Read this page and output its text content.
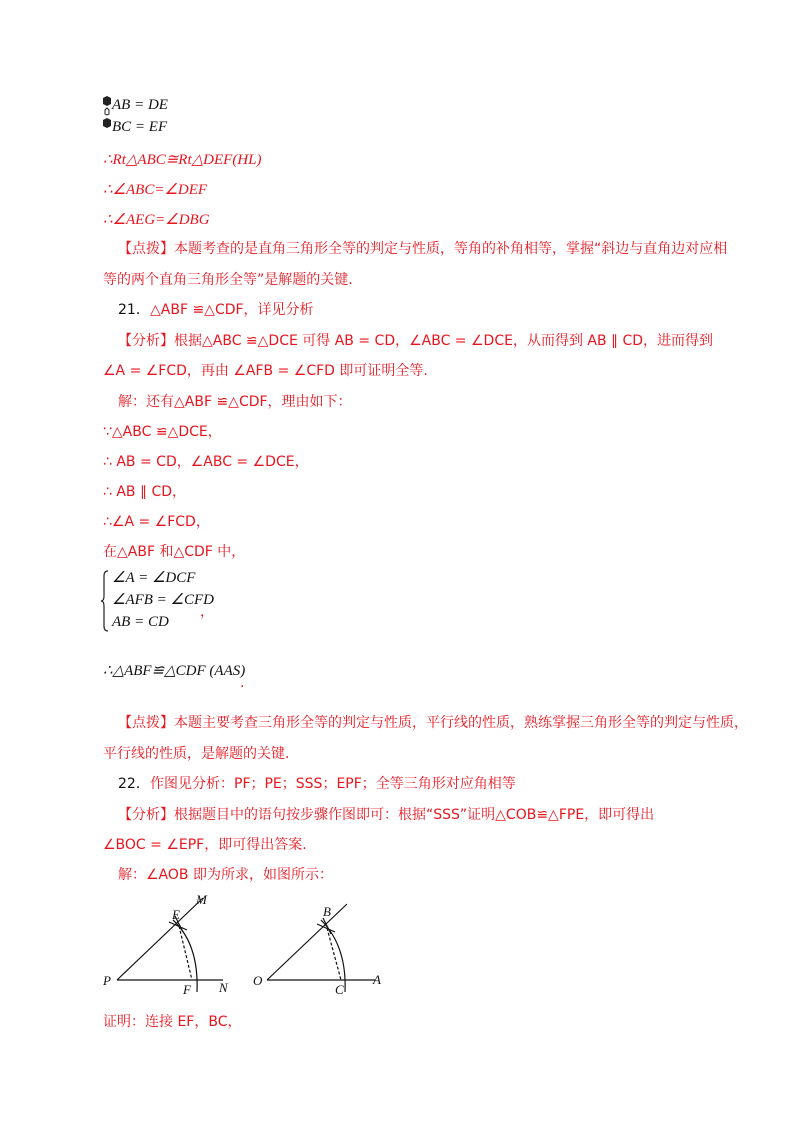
AB = DE
BC = EF
∴Rt△ABC≅Rt△DEF(HL)
∴∠ABC=∠DEF
∴∠AEG=∠DBG
【点拨】本题考查的是直角三角形全等的判定与性质，等角的补角相等，掌握“斜边与直角边对应相
等的两个直角三角形全等”是解题的关键.
21． △ABF ≌△CDF，详见分析
【分析】根据△ABC ≌△DCE 可得 AB = CD，∠ABC = ∠DCE，从而得到 AB ∥ CD，进而得到
∠A = ∠FCD，再由 ∠AFB = ∠CFD 即可证明全等.
解：还有△ABF ≌△CDF，理由如下：
∵△ABC ≌△DCE，
∴ AB = CD，∠ABC = ∠DCE，
∴ AB ∥ CD，
∴∠A = ∠FCD，
在△ABF 和△CDF 中，
∠A = ∠DCF
∠AFB = ∠CFD
AB = CD
，
∴△ABF≌△CDF (AAS)
.
【点拨】本题主要考查三角形全等的判定与性质，平行线的性质，熟练掌握三角形全等的判定与性质，
平行线的性质，是解题的关键.
22． 作图见分析：PF；PE；SSS；EPF；全等三角形对应角相等
【分析】根据题目中的语句按步骤作图即可：根据“SSS”证明△COB≌△FPE，即可得出
∠BOC = ∠EPF，即可得出答案.
解：∠AOB 即为所求，如图所示：
E
M
P
F N
B
O
C
A
证明：连接 EF，BC，
